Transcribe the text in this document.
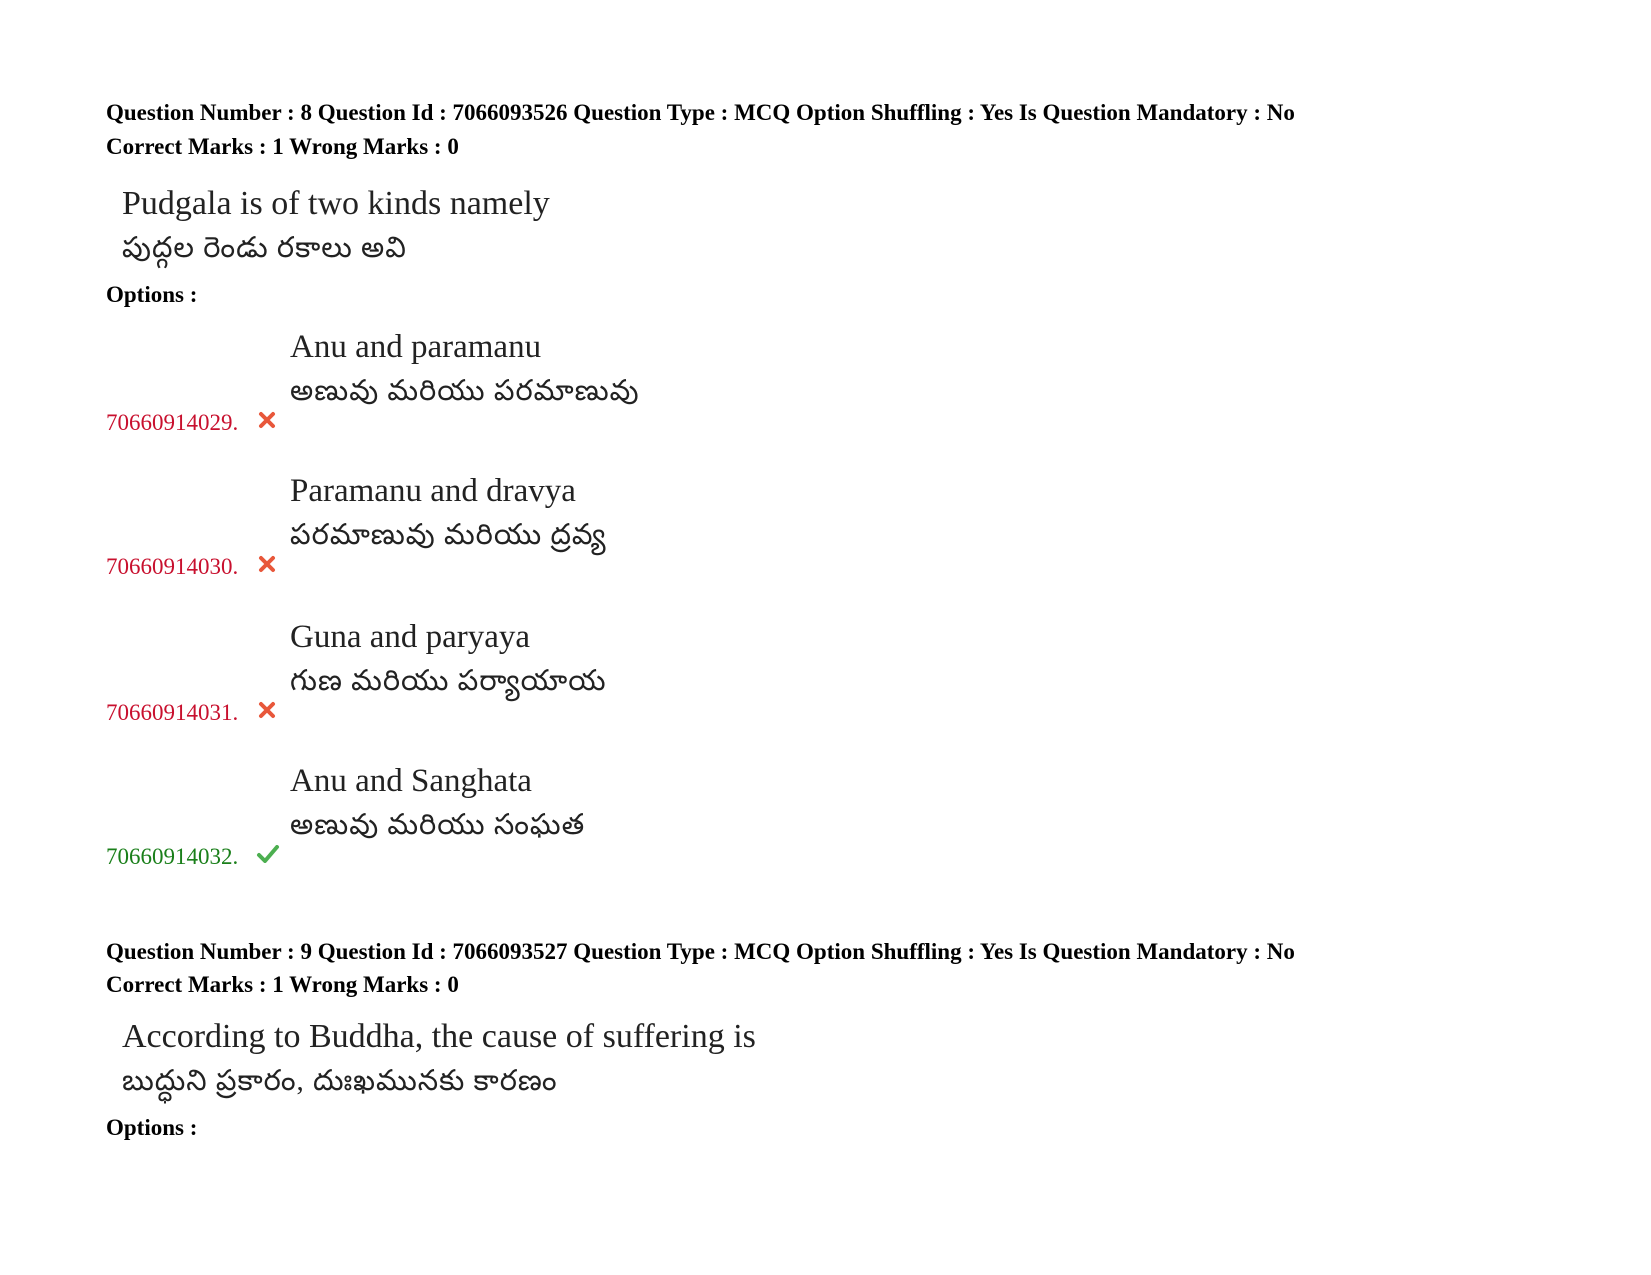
Question Number : 8 Question Id : 7066093526 Question Type : MCQ Option Shuffling : Yes Is Question Mandatory : No

Correct Marks : 1 Wrong Marks : 0

Pudgala is of two kinds namely
పుద్గల రెండు రకాలు అవి

Options :

Anu and paramanu
అణువు మరియు పరమాణువు
70660914029.
Paramanu and dravya
పరమాణువు మరియు ద్రవ్య
70660914030.
Guna and paryaya
గుణ మరియు పర్యాయాయ
70660914031.
Anu and Sanghata
అణువు మరియు సంఘత
70660914032.

Question Number : 9 Question Id : 7066093527 Question Type : MCQ Option Shuffling : Yes Is Question Mandatory : No

Correct Marks : 1 Wrong Marks : 0

According to Buddha, the cause of suffering is
బుద్ధుని ప్రకారం, దుఃఖమునకు కారణం

Options :
